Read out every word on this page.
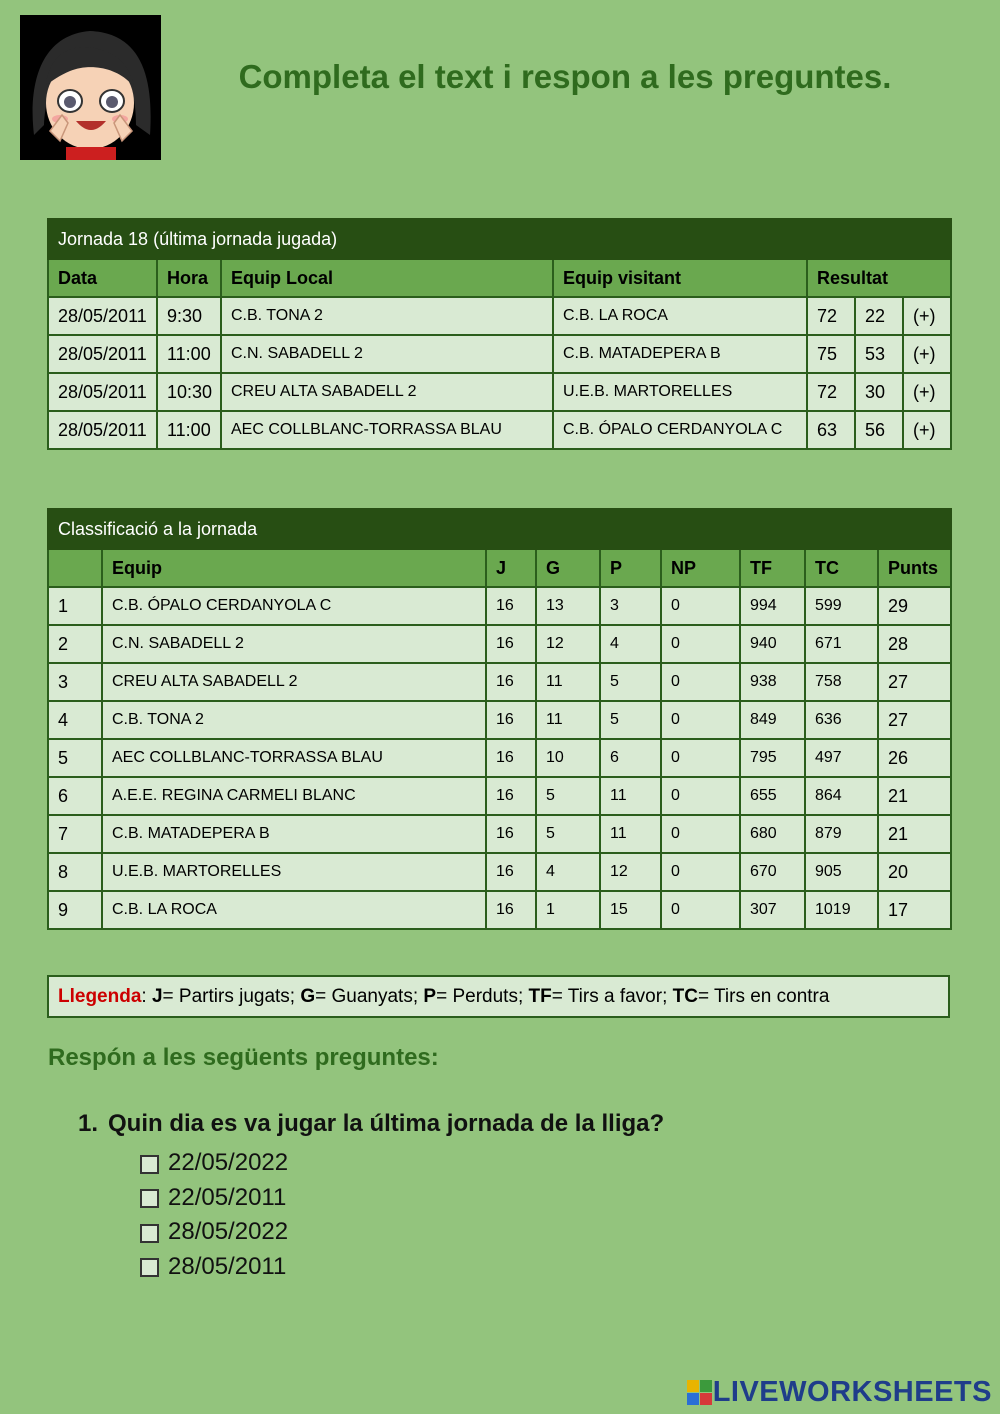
Completa el text i respon a les preguntes.
Jornada 18 (última jornada jugada)						
Data	Hora	Equip Local	Equip visitant	Resultat		
28/05/2011	9:30	C.B. TONA 2	C.B. LA ROCA	72	22	(+)
28/05/2011	11:00	C.N. SABADELL 2	C.B. MATADEPERA B	75	53	(+)
28/05/2011	10:30	CREU ALTA SABADELL 2	U.E.B. MARTORELLES	72	30	(+)
28/05/2011	11:00	AEC COLLBLANC-TORRASSA BLAU	C.B. ÓPALO CERDANYOLA C	63	56	(+)
Classificació a la jornada								
	Equip	J	G	P	NP	TF	TC	Punts
1	C.B. ÓPALO CERDANYOLA C	16	13	3	0	994	599	29
2	C.N. SABADELL 2	16	12	4	0	940	671	28
3	CREU ALTA SABADELL 2	16	11	5	0	938	758	27
4	C.B. TONA 2	16	11	5	0	849	636	27
5	AEC COLLBLANC-TORRASSA BLAU	16	10	6	0	795	497	26
6	A.E.E. REGINA CARMELI BLANC	16	5	11	0	655	864	21
7	C.B. MATADEPERA B	16	5	11	0	680	879	21
8	U.E.B. MARTORELLES	16	4	12	0	670	905	20
9	C.B. LA ROCA	16	1	15	0	307	1019	17
Llegenda: J= Partirs jugats; G= Guanyats; P= Perduts; TF= Tirs a favor; TC= Tirs en contra
Respón a les següents preguntes:
1. Quin dia es va jugar la última jornada de la lliga?
22/05/2022
22/05/2011
28/05/2022
28/05/2011
LIVEWORKSHEETS
